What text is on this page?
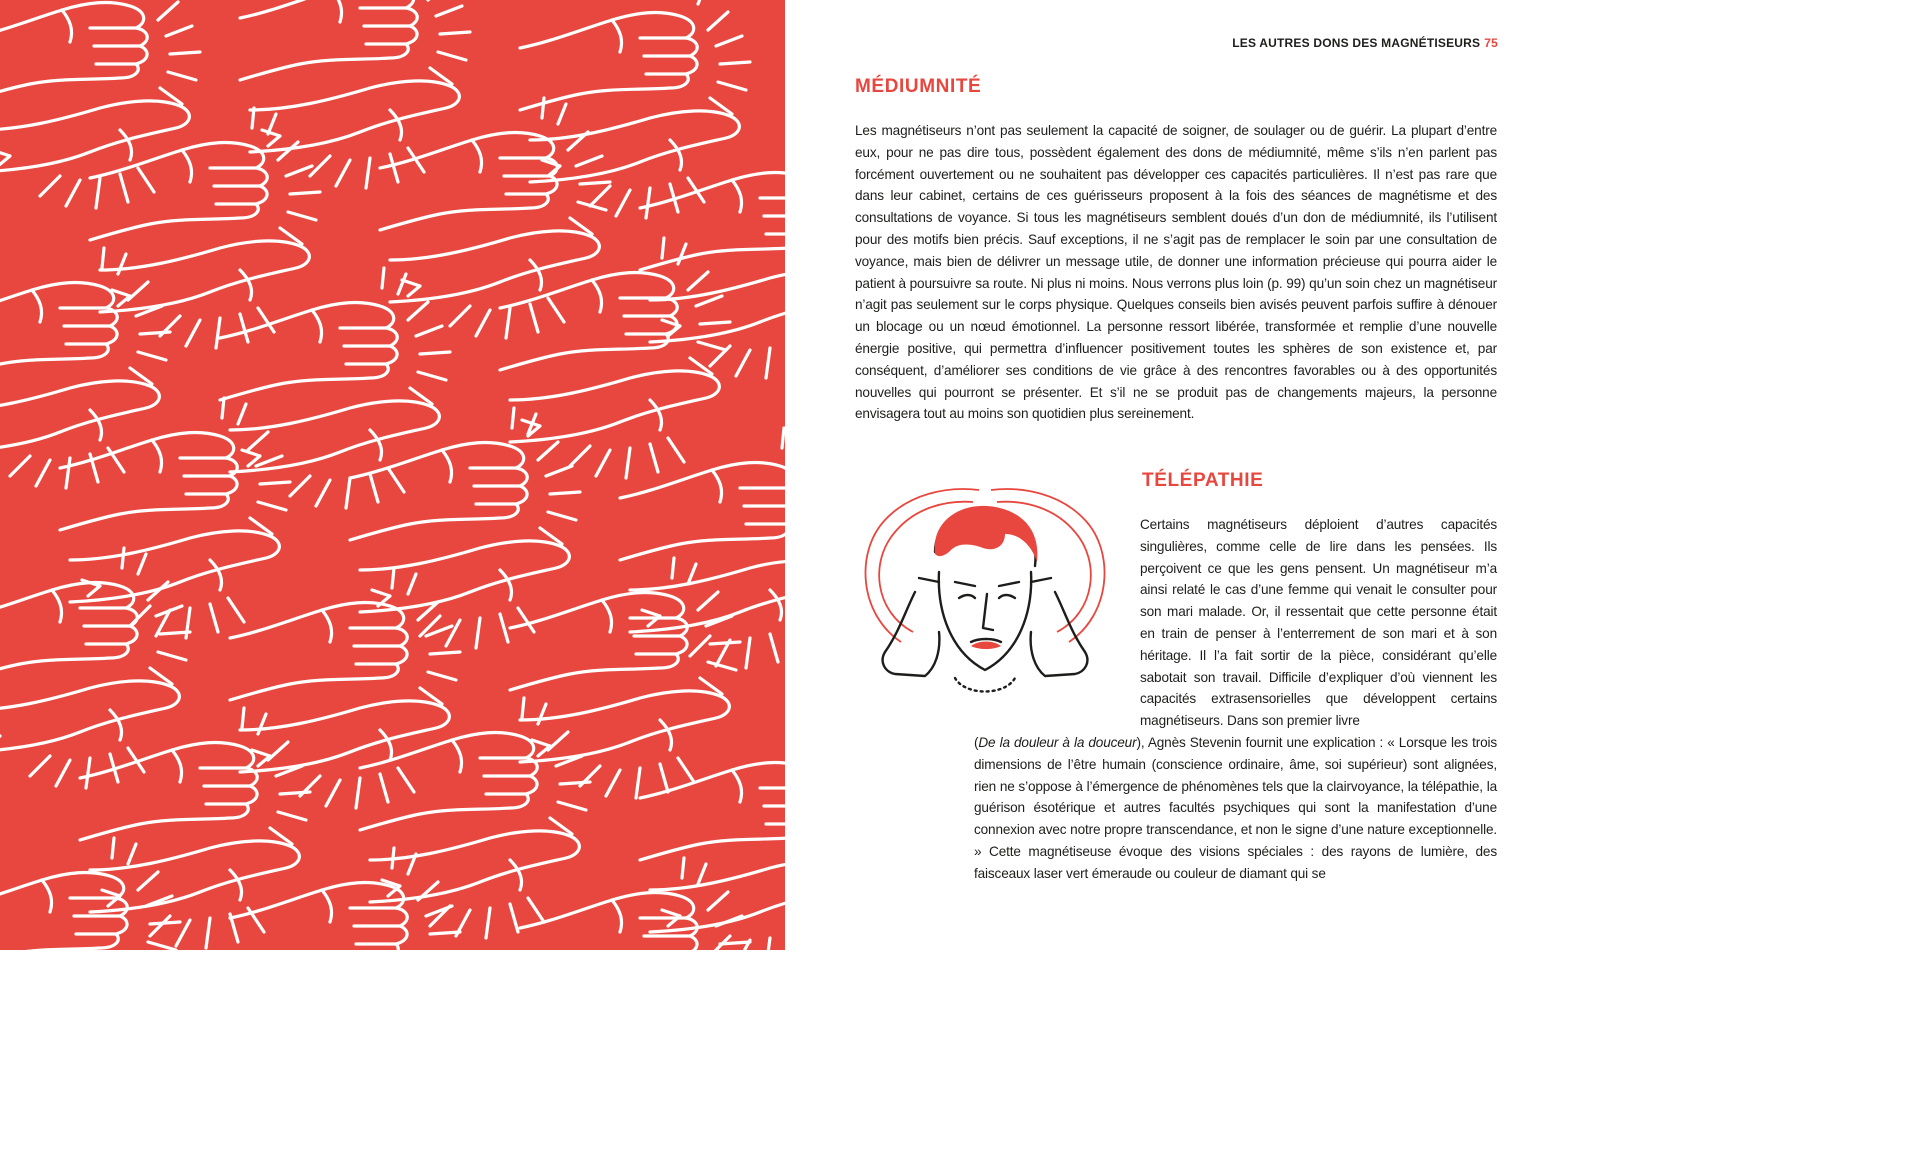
LES AUTRES DONS DES MAGNÉTISEURS 75
MÉDIUMNITÉ

Les magnétiseurs n’ont pas seulement la capacité de soigner, de soulager ou de guérir. La plupart d’entre eux, pour ne pas dire tous, possèdent également des dons de médiumnité, même s’ils n’en parlent pas forcément ouvertement ou ne souhaitent pas développer ces capacités particulières. Il n’est pas rare que dans leur cabinet, certains de ces guérisseurs proposent à la fois des séances de magnétisme et des consultations de voyance. Si tous les magnétiseurs semblent doués d’un don de médiumnité, ils l’utilisent pour des motifs bien précis. Sauf exceptions, il ne s’agit pas de remplacer le soin par une consultation de voyance, mais bien de délivrer un message utile, de donner une information précieuse qui pourra aider le patient à poursuivre sa route. Ni plus ni moins. Nous verrons plus loin (p. 99) qu’un soin chez un magnétiseur n’agit pas seulement sur le corps physique. Quelques conseils bien avisés peuvent parfois suffire à dénouer un blocage ou un nœud émotionnel. La personne ressort libérée, transformée et remplie d’une nouvelle énergie positive, qui permettra d’influencer positivement toutes les sphères de son existence et, par conséquent, d’améliorer ses conditions de vie grâce à des rencontres favorables ou à des opportunités nouvelles qui pourront se présenter. Et s’il ne se produit pas de changements majeurs, la personne envisagera tout au moins son quotidien plus sereinement.

TÉLÉPATHIE

Certains magnétiseurs déploient d’autres capacités singulières, comme celle de lire dans les pensées. Ils perçoivent ce que les gens pensent. Un magnétiseur m’a ainsi relaté le cas d’une femme qui venait le consulter pour son mari malade. Or, il ressentait que cette personne était en train de penser à l’enterrement de son mari et à son héritage. Il l’a fait sortir de la pièce, considérant qu’elle sabotait son travail. Difficile d’expliquer d’où viennent les capacités extrasensorielles que développent certains magnétiseurs. Dans son premier livre

(De la douleur à la douceur), Agnès Stevenin fournit une explication : « Lorsque les trois dimensions de l’être humain (conscience ordinaire, âme, soi supérieur) sont alignées, rien ne s’oppose à l’émergence de phénomènes tels que la clairvoyance, la télépathie, la guérison ésotérique et autres facultés psychiques qui sont la manifestation d’une connexion avec notre propre transcendance, et non le signe d’une nature exceptionnelle. » Cette magnétiseuse évoque des visions spéciales : des rayons de lumière, des faisceaux laser vert émeraude ou couleur de diamant qui se
